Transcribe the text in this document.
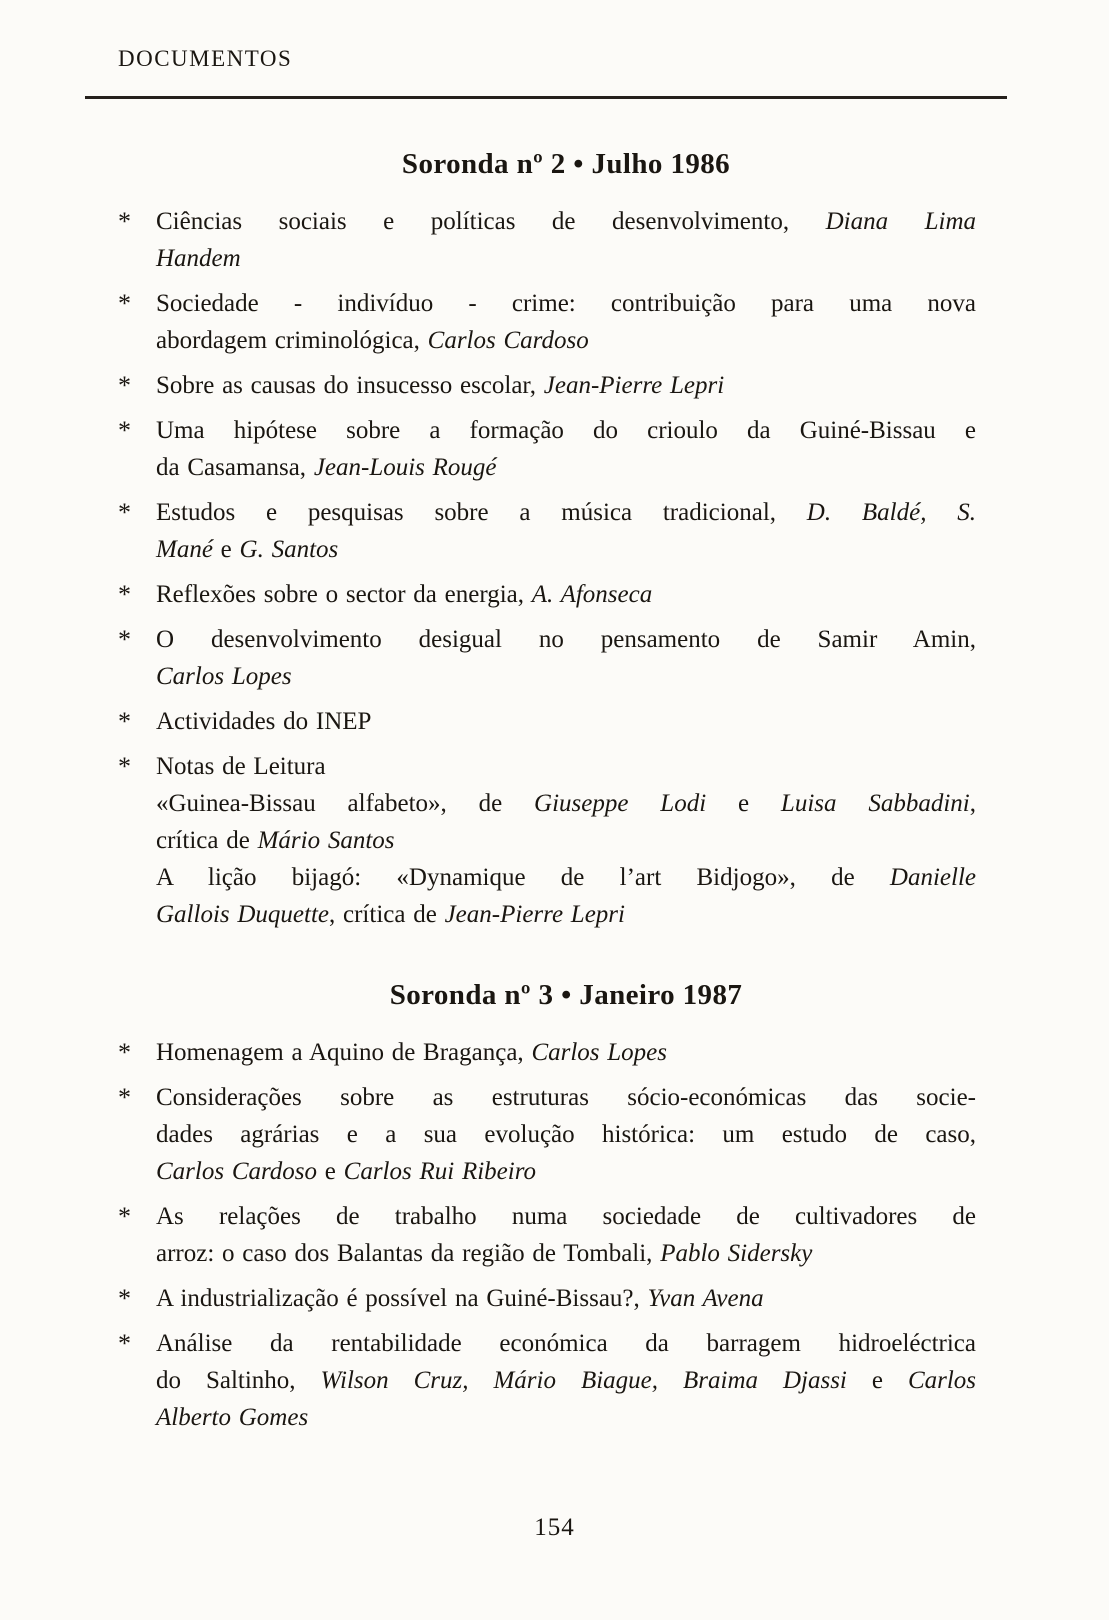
DOCUMENTOS
Soronda nº 2 • Julho 1986
*	Ciências sociais e políticas de desenvolvimento, Diana Lima
Handem
*	Sociedade - indivíduo - crime: contribuição para uma nova
abordagem criminológica, Carlos Cardoso
*	Sobre as causas do insucesso escolar, Jean-Pierre Lepri
*	Uma hipótese sobre a formação do crioulo da Guiné-Bissau e
da Casamansa, Jean-Louis Rougé
*	Estudos e pesquisas sobre a música tradicional, D. Baldé, S.
Mané e G. Santos
*	Reflexões sobre o sector da energia, A. Afonseca
*	O desenvolvimento desigual no pensamento de Samir Amin,
Carlos Lopes
*	Actividades do INEP
*	Notas de Leitura
«Guinea-Bissau alfabeto», de Giuseppe Lodi e Luisa Sabbadini,
crítica de Mário Santos
A lição bijagó: «Dynamique de l’art Bidjogo», de Danielle
Gallois Duquette, crítica de Jean-Pierre Lepri
Soronda nº 3 • Janeiro 1987
*	Homenagem a Aquino de Bragança, Carlos Lopes
*	Considerações sobre as estruturas sócio-económicas das socie-
dades agrárias e a sua evolução histórica: um estudo de caso,
Carlos Cardoso e Carlos Rui Ribeiro
*	As relações de trabalho numa sociedade de cultivadores de
arroz: o caso dos Balantas da região de Tombali, Pablo Sidersky
*	A industrialização é possível na Guiné-Bissau?, Yvan Avena
*	Análise da rentabilidade económica da barragem hidroeléctrica
do Saltinho, Wilson Cruz, Mário Biague, Braima Djassi e Carlos
Alberto Gomes
154
